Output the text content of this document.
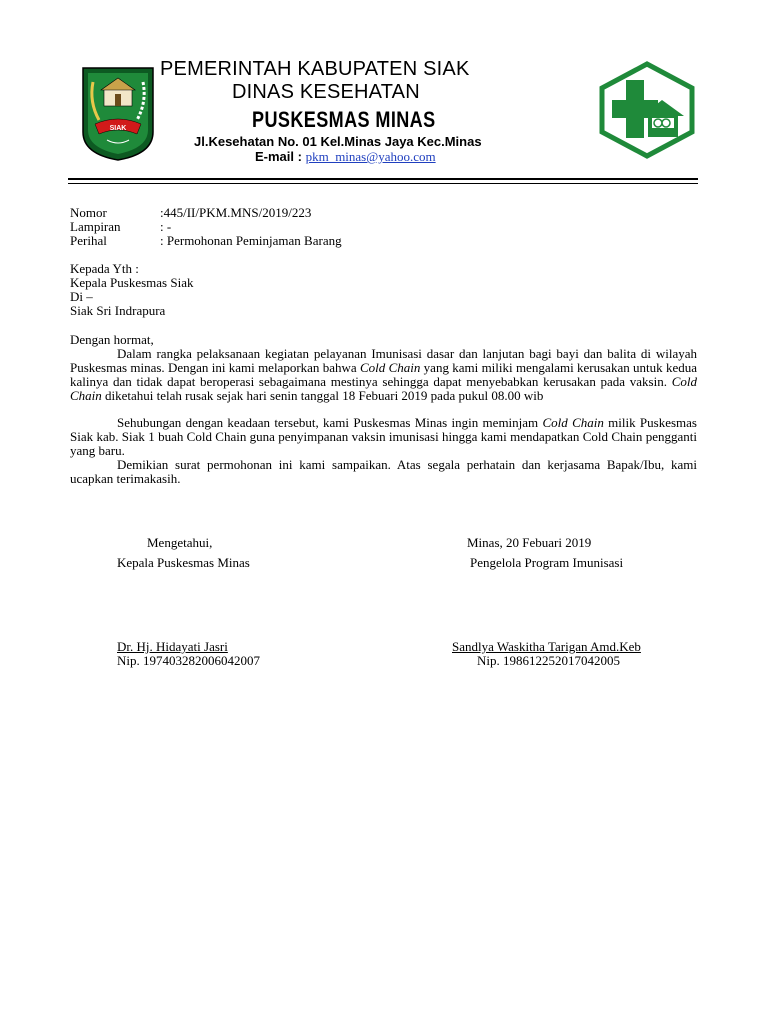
SIAK
PEMERINTAH KABUPATEN SIAK
DINAS KESEHATAN
PUSKESMAS MINAS
Jl.Kesehatan No. 01 Kel.Minas Jaya Kec.Minas
E-mail : pkm_minas@yahoo.com
Nomor	:445/II/PKM.MNS/2019/223
Lampiran	: -
Perihal	: Permohonan Peminjaman Barang
Kepada Yth :
Kepala Puskesmas Siak
Di –
Siak Sri Indrapura
Dengan hormat,
Dalam rangka pelaksanaan kegiatan pelayanan Imunisasi dasar dan lanjutan bagi bayi dan balita di wilayah Puskesmas minas. Dengan ini kami melaporkan bahwa Cold Chain yang kami miliki mengalami kerusakan untuk kedua kalinya dan tidak dapat beroperasi sebagaimana mestinya sehingga dapat menyebabkan kerusakan pada vaksin. Cold Chain diketahui telah rusak sejak hari senin tanggal 18 Febuari 2019 pada pukul 08.00 wib
Sehubungan dengan keadaan tersebut, kami Puskesmas Minas ingin meminjam Cold Chain milik Puskesmas Siak kab. Siak 1 buah Cold Chain guna penyimpanan vaksin imunisasi hingga kami mendapatkan Cold Chain pengganti yang baru.
Demikian surat permohonan ini kami sampaikan. Atas segala perhatain dan kerjasama Bapak/Ibu, kami ucapkan terimakasih.
Mengetahui,
Kepala Puskesmas Minas
Dr. Hj. Hidayati Jasri
Nip. 197403282006042007
Minas, 20 Febuari 2019
Pengelola Program Imunisasi
Sandlya Waskitha Tarigan Amd.Keb
Nip. 198612252017042005
